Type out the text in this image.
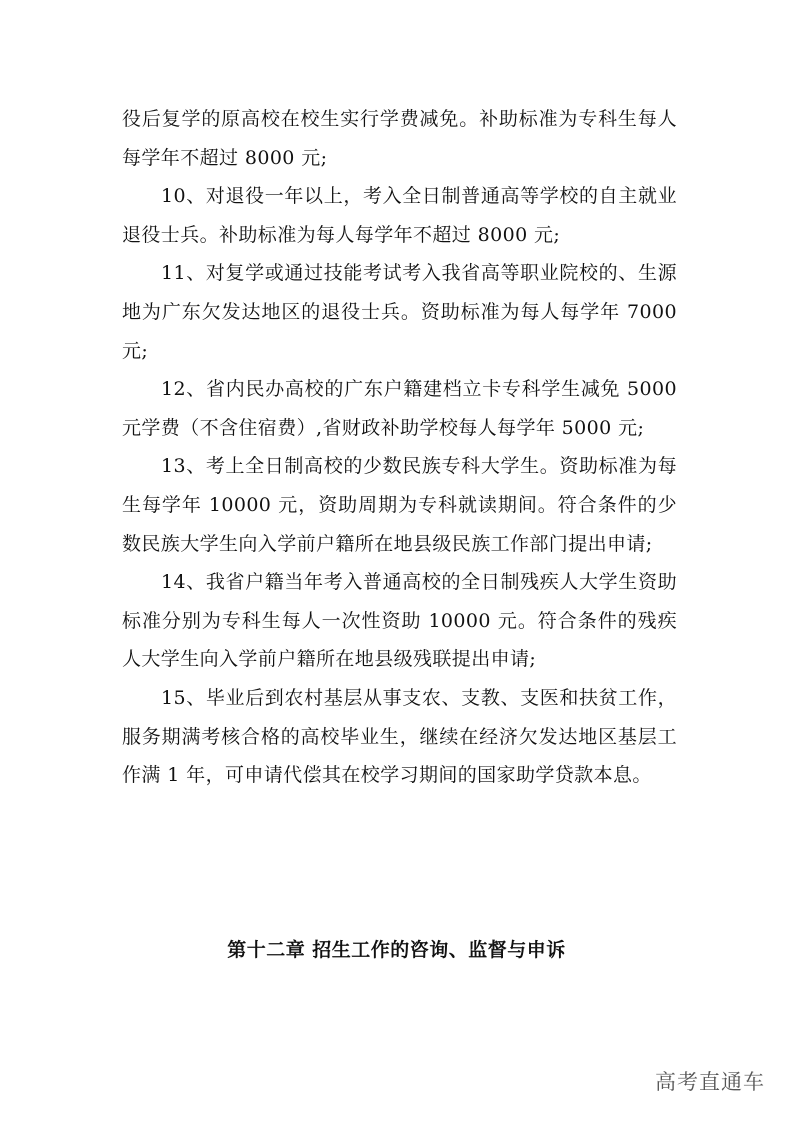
役后复学的原高校在校生实行学费减免。补助标准为专科生每人每学年不超过 8000 元;

10、对退役一年以上，考入全日制普通高等学校的自主就业退役士兵。补助标准为每人每学年不超过 8000 元;

11、对复学或通过技能考试考入我省高等职业院校的、生源地为广东欠发达地区的退役士兵。资助标准为每人每学年 7000 元;

12、省内民办高校的广东户籍建档立卡专科学生减免 5000 元学费（不含住宿费）,省财政补助学校每人每学年 5000 元;

13、考上全日制高校的少数民族专科大学生。资助标准为每生每学年 10000 元，资助周期为专科就读期间。符合条件的少数民族大学生向入学前户籍所在地县级民族工作部门提出申请;

14、我省户籍当年考入普通高校的全日制残疾人大学生资助标准分别为专科生每人一次性资助 10000 元。符合条件的残疾人大学生向入学前户籍所在地县级残联提出申请;

15、毕业后到农村基层从事支农、支教、支医和扶贫工作，服务期满考核合格的高校毕业生，继续在经济欠发达地区基层工作满 1 年，可申请代偿其在校学习期间的国家助学贷款本息。

第十二章 招生工作的咨询、监督与申诉
高考直通车
